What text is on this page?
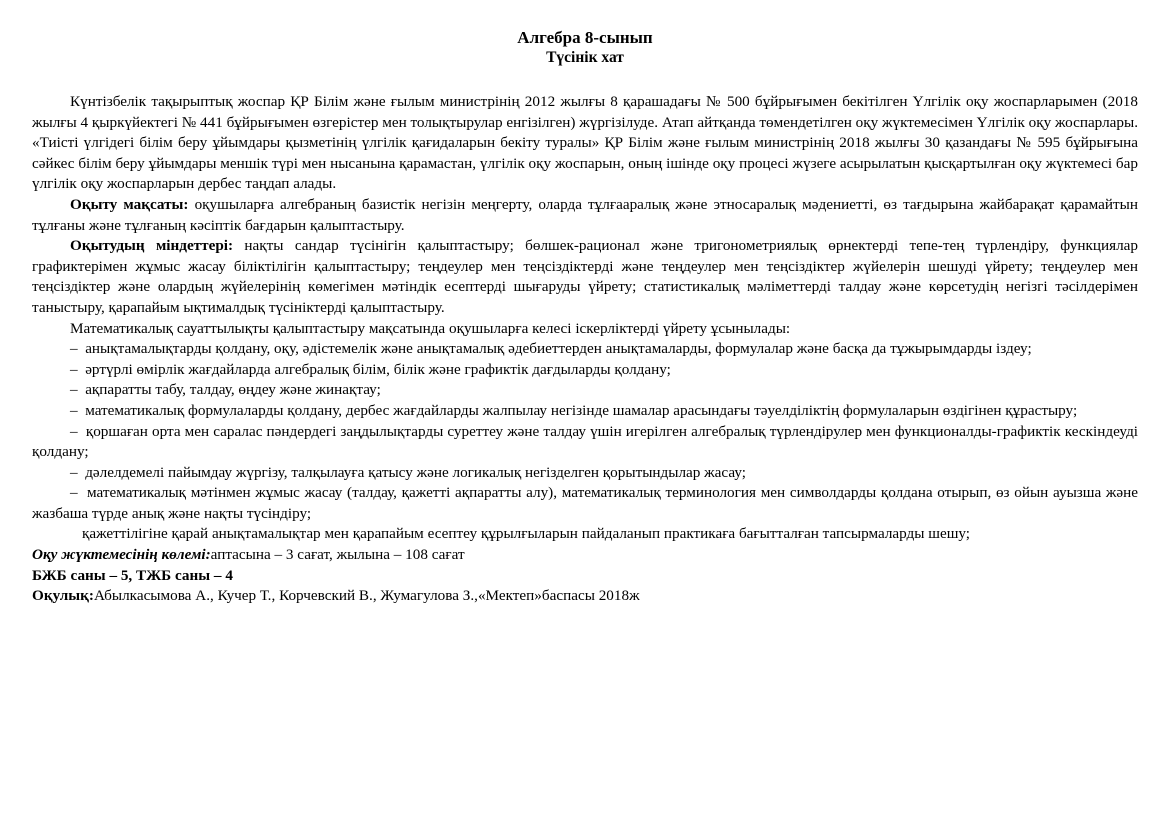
Алгебра 8-сынып
Түсінік хат

Күнтізбелік тақырыптық жоспар ҚР Білім және ғылым министрінің 2012 жылғы 8 қарашадағы № 500 бұйрығымен бекітілген Үлгілік оқу жоспарларымен (2018 жылғы 4 қыркүйектегі № 441 бұйрығымен өзгерістер мен толықтырулар енгізілген) жүргізілуде. Атап айтқанда төмендетілген оқу жүктемесімен Үлгілік оқу жоспарлары.

«Тиісті үлгідегі білім беру ұйымдары қызметінің үлгілік қағидаларын бекіту туралы» ҚР Білім және ғылым министрінің 2018 жылғы 30 қазандағы № 595 бұйрығына сәйкес білім беру ұйымдары меншік түрі мен нысанына қарамастан, үлгілік оқу жоспарын, оның ішінде оқу процесі жүзеге асырылатын қысқартылған оқу жүктемесі бар үлгілік оқу жоспарларын дербес таңдап алады.

Оқыту мақсаты: оқушыларға алгебраның базистік негізін меңгерту, оларда тұлғааралық және этносаралық мәдениетті, өз тағдырына жайбарақат қарамайтын тұлғаны және тұлғаның кәсіптік бағдарын қалыптастыру.

Оқытудың міндеттері: нақты сандар түсінігін қалыптастыру; бөлшек-рационал және тригонометриялық өрнектерді тепе-тең түрлендіру, функциялар графиктерімен жұмыс жасау біліктілігін қалыптастыру; теңдеулер мен теңсіздіктерді және теңдеулер мен теңсіздіктер жүйелерін шешуді үйрету; теңдеулер мен теңсіздіктер және олардың жүйелерінің көмегімен мәтіндік есептерді шығаруды үйрету; статистикалық мәліметтерді талдау және көрсетудің негізгі тәсілдерімен таныстыру, қарапайым ықтималдық түсініктерді қалыптастыру.

Математикалық сауаттылықты қалыптастыру мақсатында оқушыларға келесі іскерліктерді үйрету ұсынылады:

– анықтамалықтарды қолдану, оқу, әдістемелік және анықтамалық әдебиеттерден анықтамаларды, формулалар және басқа да тұжырымдарды іздеу;

– әртүрлі өмірлік жағдайларда алгебралық білім, білік және графиктік дағдыларды қолдану;

– ақпаратты табу, талдау, өңдеу және жинақтау;

– математикалық формулаларды қолдану, дербес жағдайларды жалпылау негізінде шамалар арасындағы тәуелділіктің формулаларын өздігінен құрастыру;

– қоршаған орта мен саралас пәндердегі заңдылықтарды суреттеу және талдау үшін игерілген алгебралық түрлендірулер мен функционалды-графиктік кескіндеуді қолдану;

– дәлелдемелі пайымдау жүргізу, талқылауға қатысу және логикалық негізделген қорытындылар жасау;

– математикалық мәтінмен жұмыс жасау (талдау, қажетті ақпаратты алу), математикалық терминология мен символдарды қолдана отырып, өз ойын ауызша және жазбаша түрде анық және нақты түсіндіру;

қажеттілігіне қарай анықтамалықтар мен қарапайым есептеу құрылғыларын пайдаланып практикаға бағытталған тапсырмаларды шешу;

Оқу жүктемесінің көлемі:аптасына – 3 сағат, жылына – 108 сағат

БЖБ саны – 5, ТЖБ саны – 4

Оқулық:Абылкасымова А., Кучер Т., Корчевский В., Жумагулова З.,«Мектеп»баспасы 2018ж
